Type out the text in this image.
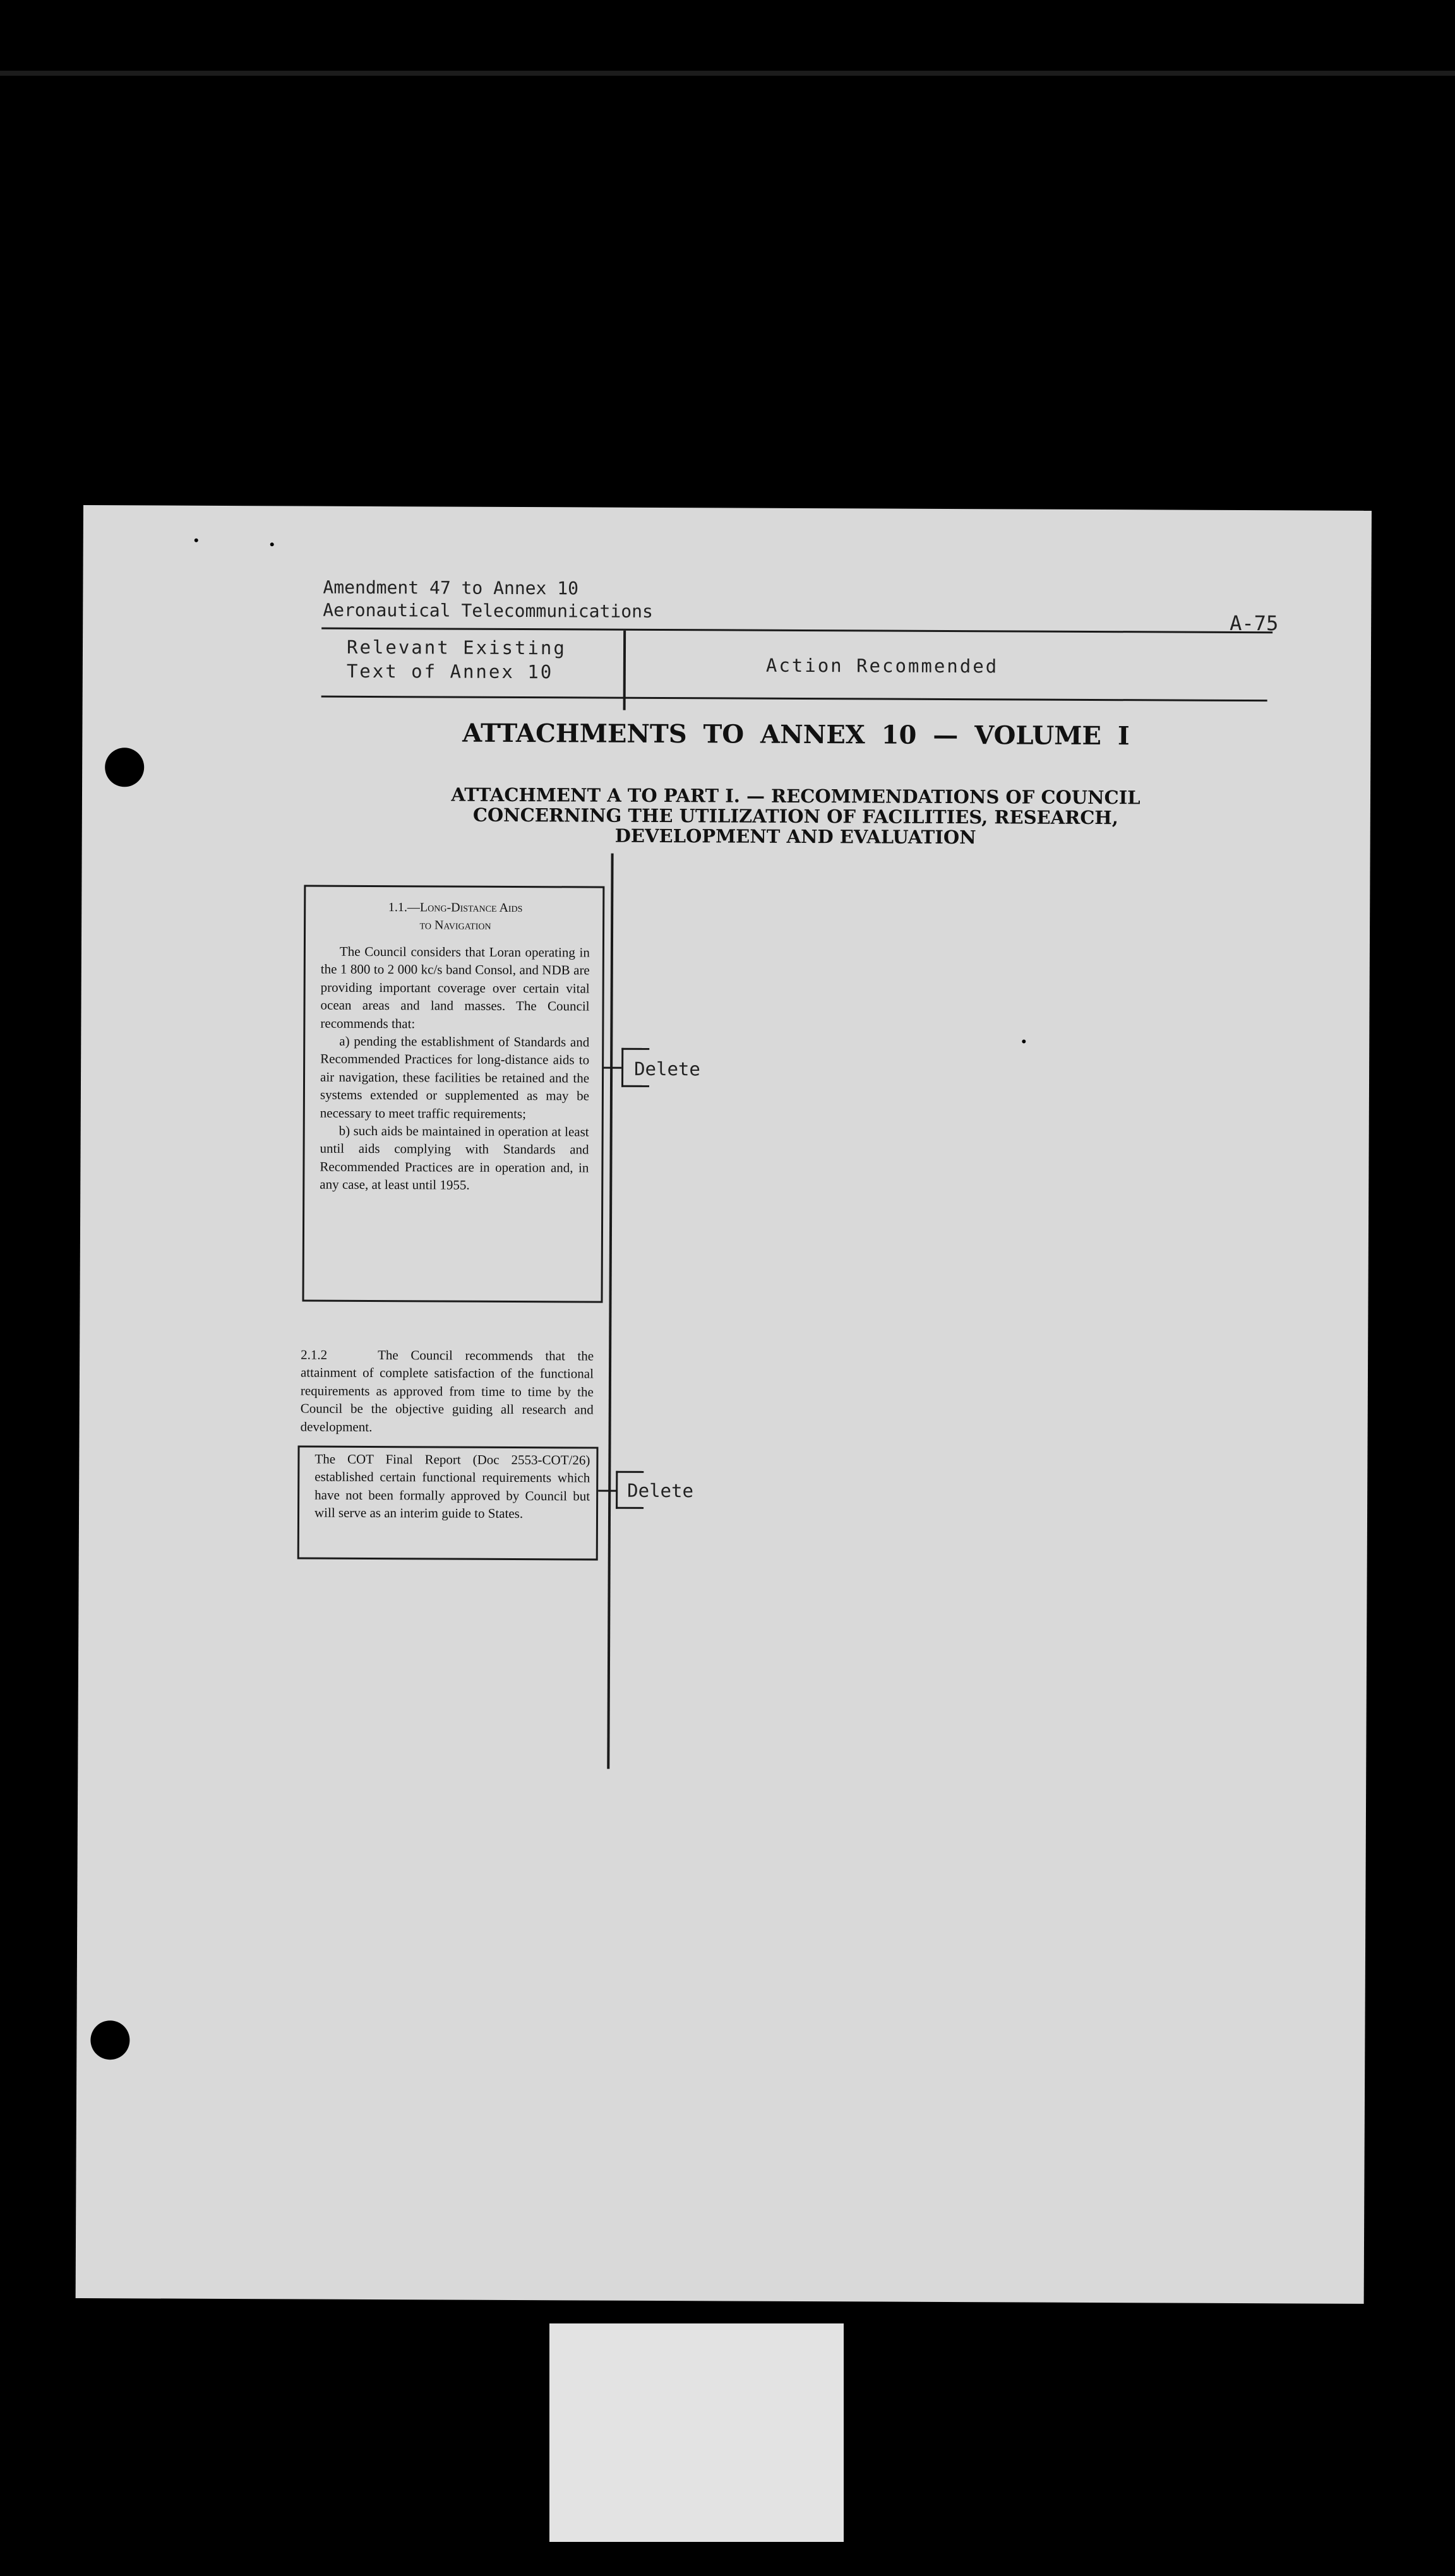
Amendment 47 to Annex 10
Aeronautical Telecommunications
A-75
Relevant Existing
Text of Annex 10	Action Recommended
ATTACHMENTS TO ANNEX 10 — VOLUME I
ATTACHMENT A TO PART I. — RECOMMENDATIONS OF COUNCIL
CONCERNING THE UTILIZATION OF FACILITIES, RESEARCH,
DEVELOPMENT AND EVALUATION

1.1.—Long-Distance Aids
to Navigation

The Council considers that Loran operating in the 1 800 to 2 000 kc/s band Consol, and NDB are providing important coverage over certain vital ocean areas and land masses. The Council recommends that:

a) pending the establishment of Standards and Recommended Practices for long-distance aids to air navigation, these facilities be retained and the systems extended or supplemented as may be necessary to meet traffic requirements;

b) such aids be maintained in operation at least until aids complying with Standards and Recommended Practices are in operation and, in any case, at least until 1955.

Delete

2.1.2	The Council recommends that the attainment of complete satisfaction of the functional requirements as approved from time to time by the Council be the objective guiding all research and development.

The COT Final Report (Doc 2553-COT/26) established certain functional requirements which have not been formally approved by Council but will serve as an interim guide to States.

Delete
